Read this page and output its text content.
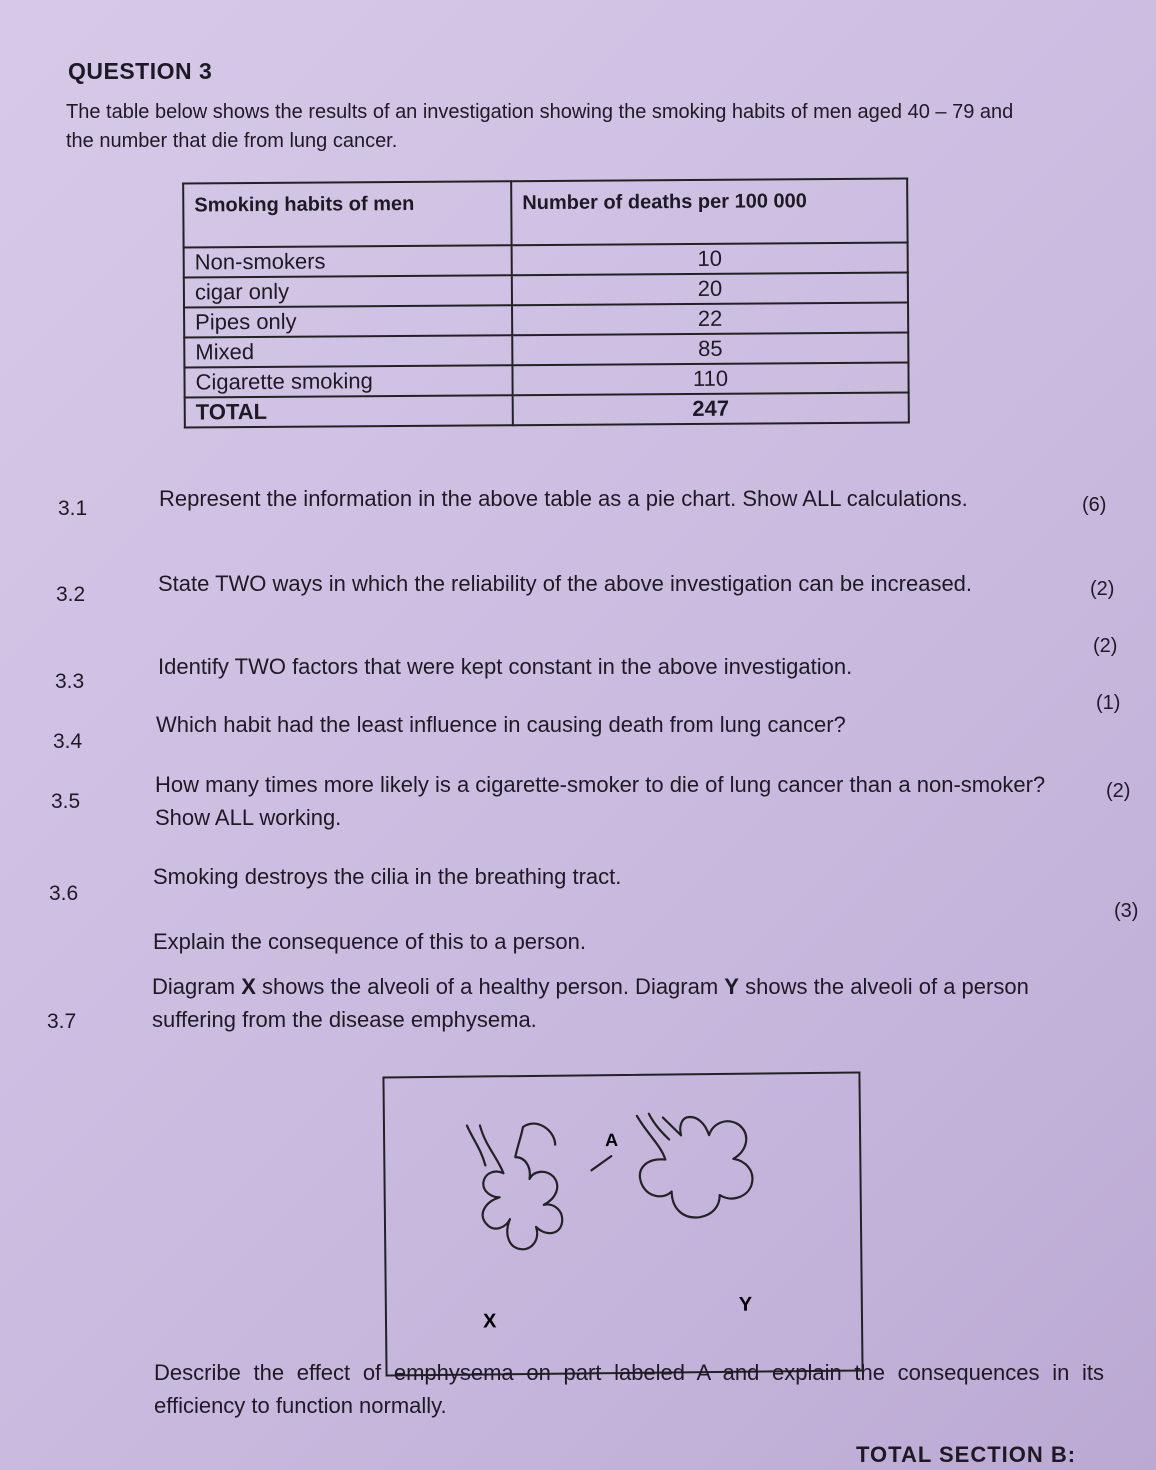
QUESTION 3
The table below shows the results of an investigation showing the smoking habits of men aged 40 – 79 and the number that die from lung cancer.
Smoking habits of men	Number of deaths per 100 000
Non-smokers	10
cigar only	20
Pipes only	22
Mixed	85
Cigarette smoking	110
TOTAL	247
3.1	Represent the information in the above table as a pie chart. Show ALL calculations.	(6)
3.2	State TWO ways in which the reliability of the above investigation can be increased.	(2)
3.3
Identify TWO factors that were kept constant in the above investigation.
(2)
3.4
Which habit had the least influence in causing death from lung cancer?
(1)
3.5
How many times more likely is a cigarette-smoker to die of lung cancer than a non-smoker? Show ALL working.
(2)
3.6
Smoking destroys the cilia in the breathing tract.
Explain the consequence of this to a person.
(3)
3.7
Diagram X shows the alveoli of a healthy person. Diagram Y shows the alveoli of a person suffering from the disease emphysema.
A
X
Y
Describe the effect of emphysema on part labeled A and explain the consequences in its efficiency to function normally.
TOTAL SECTION B:
